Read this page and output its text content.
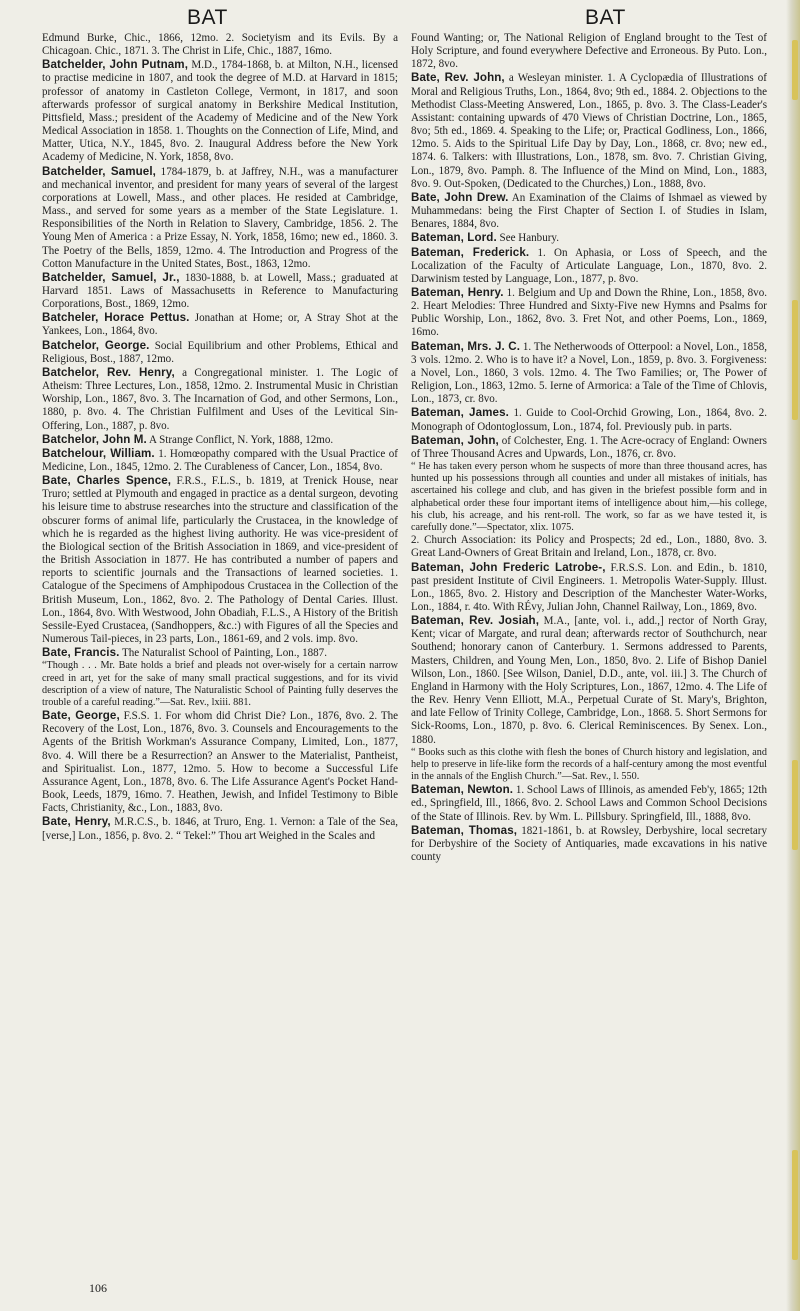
BAT	BAT

Edmund Burke, Chic., 1866, 12mo. 2. Societyism and its Evils. By a Chicagoan. Chic., 1871. 3. The Christ in Life, Chic., 1887, 16mo.

Batchelder, John Putnam, M.D., 1784-1868, b. at Milton, N.H., licensed to practise medicine in 1807, and took the degree of M.D. at Harvard in 1815; professor of anatomy in Castleton College, Vermont, in 1817, and soon afterwards professor of surgical anatomy in Berkshire Medical Institution, Pittsfield, Mass.; president of the Academy of Medicine and of the New York Medical Association in 1858. 1. Thoughts on the Connection of Life, Mind, and Matter, Utica, N.Y., 1845, 8vo. 2. Inaugural Address before the New York Academy of Medicine, N. York, 1858, 8vo.

Batchelder, Samuel, 1784-1879, b. at Jaffrey, N.H., was a manufacturer and mechanical inventor, and president for many years of several of the largest corporations at Lowell, Mass., and other places. He resided at Cambridge, Mass., and served for some years as a member of the State Legislature. 1. Responsibilities of the North in Relation to Slavery, Cambridge, 1856. 2. The Young Men of America : a Prize Essay, N. York, 1858, 16mo; new ed., 1860. 3. The Poetry of the Bells, 1859, 12mo. 4. The Introduction and Progress of the Cotton Manufacture in the United States, Bost., 1863, 12mo.

Batchelder, Samuel, Jr., 1830-1888, b. at Lowell, Mass.; graduated at Harvard 1851. Laws of Massachusetts in Reference to Manufacturing Corporations, Bost., 1869, 12mo.

Batcheler, Horace Pettus. Jonathan at Home; or, A Stray Shot at the Yankees, Lon., 1864, 8vo.

Batchelor, George. Social Equilibrium and other Problems, Ethical and Religious, Bost., 1887, 12mo.

Batchelor, Rev. Henry, a Congregational minister. 1. The Logic of Atheism: Three Lectures, Lon., 1858, 12mo. 2. Instrumental Music in Christian Worship, Lon., 1867, 8vo. 3. The Incarnation of God, and other Sermons, Lon., 1880, p. 8vo. 4. The Christian Fulfilment and Uses of the Levitical Sin-Offering, Lon., 1887, p. 8vo.

Batchelor, John M. A Strange Conflict, N. York, 1888, 12mo.

Batchelour, William. 1. Homœopathy compared with the Usual Practice of Medicine, Lon., 1845, 12mo. 2. The Curableness of Cancer, Lon., 1854, 8vo.

Bate, Charles Spence, F.R.S., F.L.S., b. 1819, at Trenick House, near Truro; settled at Plymouth and engaged in practice as a dental surgeon, devoting his leisure time to abstruse researches into the structure and classification of the obscurer forms of animal life, particularly the Crustacea, in the knowledge of which he is regarded as the highest living authority. He was vice-president of the Biological section of the British Association in 1869, and vice-president of the British Association in 1877. He has contributed a number of papers and reports to scientific journals and the Transactions of learned societies. 1. Catalogue of the Specimens of Amphipodous Crustacea in the Collection of the British Museum, Lon., 1862, 8vo. 2. The Pathology of Dental Caries. Illust. Lon., 1864, 8vo. With Westwood, John Obadiah, F.L.S., A History of the British Sessile-Eyed Crustacea, (Sandhoppers, &c.:) with Figures of all the Species and Numerous Tail-pieces, in 23 parts, Lon., 1861-69, and 2 vols. imp. 8vo.

Bate, Francis. The Naturalist School of Painting, Lon., 1887.

“Though . . . Mr. Bate holds a brief and pleads not over-wisely for a certain narrow creed in art, yet for the sake of many small practical suggestions, and for its vivid description of a view of nature, The Naturalistic School of Painting fully deserves the trouble of a careful reading.”—Sat. Rev., lxiii. 881.

Bate, George, F.S.S. 1. For whom did Christ Die? Lon., 1876, 8vo. 2. The Recovery of the Lost, Lon., 1876, 8vo. 3. Counsels and Encouragements to the Agents of the British Workman's Assurance Company, Limited, Lon., 1877, 8vo. 4. Will there be a Resurrection? an Answer to the Materialist, Pantheist, and Spiritualist. Lon., 1877, 12mo. 5. How to become a Successful Life Assurance Agent, Lon., 1878, 8vo. 6. The Life Assurance Agent's Pocket Hand-Book, Leeds, 1879, 16mo. 7. Heathen, Jewish, and Infidel Testimony to Bible Facts, Christianity, &c., Lon., 1883, 8vo.

Bate, Henry, M.R.C.S., b. 1846, at Truro, Eng. 1. Vernon: a Tale of the Sea, [verse,] Lon., 1856, p. 8vo. 2. “ Tekel:” Thou art Weighed in the Scales and

Found Wanting; or, The National Religion of England brought to the Test of Holy Scripture, and found everywhere Defective and Erroneous. By Puto. Lon., 1872, 8vo.

Bate, Rev. John, a Wesleyan minister. 1. A Cyclopædia of Illustrations of Moral and Religious Truths, Lon., 1864, 8vo; 9th ed., 1884. 2. Objections to the Methodist Class-Meeting Answered, Lon., 1865, p. 8vo. 3. The Class-Leader's Assistant: containing upwards of 470 Views of Christian Doctrine, Lon., 1865, 8vo; 5th ed., 1869. 4. Speaking to the Life; or, Practical Godliness, Lon., 1866, 12mo. 5. Aids to the Spiritual Life Day by Day, Lon., 1868, cr. 8vo; new ed., 1874. 6. Talkers: with Illustrations, Lon., 1878, sm. 8vo. 7. Christian Giving, Lon., 1879, 8vo. Pamph. 8. The Influence of the Mind on Mind, Lon., 1883, 8vo. 9. Out-Spoken, (Dedicated to the Churches,) Lon., 1888, 8vo.

Bate, John Drew. An Examination of the Claims of Ishmael as viewed by Muhammedans: being the First Chapter of Section I. of Studies in Islam, Benares, 1884, 8vo.

Bateman, Lord. See Hanbury.

Bateman, Frederick. 1. On Aphasia, or Loss of Speech, and the Localization of the Faculty of Articulate Language, Lon., 1870, 8vo. 2. Darwinism tested by Language, Lon., 1877, p. 8vo.

Bateman, Henry. 1. Belgium and Up and Down the Rhine, Lon., 1858, 8vo. 2. Heart Melodies: Three Hundred and Sixty-Five new Hymns and Psalms for Public Worship, Lon., 1862, 8vo. 3. Fret Not, and other Poems, Lon., 1869, 16mo.

Bateman, Mrs. J. C. 1. The Netherwoods of Otterpool: a Novel, Lon., 1858, 3 vols. 12mo. 2. Who is to have it? a Novel, Lon., 1859, p. 8vo. 3. Forgiveness: a Novel, Lon., 1860, 3 vols. 12mo. 4. The Two Families; or, The Power of Religion, Lon., 1863, 12mo. 5. Ierne of Armorica: a Tale of the Time of Chlovis, Lon., 1873, cr. 8vo.

Bateman, James. 1. Guide to Cool-Orchid Growing, Lon., 1864, 8vo. 2. Monograph of Odontoglossum, Lon., 1874, fol. Previously pub. in parts.

Bateman, John, of Colchester, Eng. 1. The Acre-ocracy of England: Owners of Three Thousand Acres and Upwards, Lon., 1876, cr. 8vo.

“ He has taken every person whom he suspects of more than three thousand acres, has hunted up his possessions through all counties and under all mistakes of initials, has ascertained his college and club, and has given in the briefest possible form and in alphabetical order these four important items of intelligence about him,—his college, his club, his acreage, and his rent-roll. The work, so far as we have tested it, is carefully done.”—Spectator, xlix. 1075.

2. Church Association: its Policy and Prospects; 2d ed., Lon., 1880, 8vo. 3. Great Land-Owners of Great Britain and Ireland, Lon., 1878, cr. 8vo.

Bateman, John Frederic Latrobe-, F.R.S.S. Lon. and Edin., b. 1810, past president Institute of Civil Engineers. 1. Metropolis Water-Supply. Illust. Lon., 1865, 8vo. 2. History and Description of the Manchester Water-Works, Lon., 1884, r. 4to. With RÉvy, Julian John, Channel Railway, Lon., 1869, 8vo.

Bateman, Rev. Josiah, M.A., [ante, vol. i., add.,] rector of North Gray, Kent; vicar of Margate, and rural dean; afterwards rector of Southchurch, near Southend; honorary canon of Canterbury. 1. Sermons addressed to Parents, Masters, Children, and Young Men, Lon., 1850, 8vo. 2. Life of Bishop Daniel Wilson, Lon., 1860. [See Wilson, Daniel, D.D., ante, vol. iii.] 3. The Church of England in Harmony with the Holy Scriptures, Lon., 1867, 12mo. 4. The Life of the Rev. Henry Venn Elliott, M.A., Perpetual Curate of St. Mary's, Brighton, and late Fellow of Trinity College, Cambridge, Lon., 1868. 5. Short Sermons for Sick-Rooms, Lon., 1870, p. 8vo. 6. Clerical Reminiscences. By Senex. Lon., 1880.

“ Books such as this clothe with flesh the bones of Church history and legislation, and help to preserve in life-like form the records of a half-century among the most eventful in the annals of the English Church.”—Sat. Rev., l. 550.

Bateman, Newton. 1. School Laws of Illinois, as amended Feb'y, 1865; 12th ed., Springfield, Ill., 1866, 8vo. 2. School Laws and Common School Decisions of the State of Illinois. Rev. by Wm. L. Pillsbury. Springfield, Ill., 1888, 8vo.

Bateman, Thomas, 1821-1861, b. at Rowsley, Derbyshire, local secretary for Derbyshire of the Society of Antiquaries, made excavations in his native county

106
